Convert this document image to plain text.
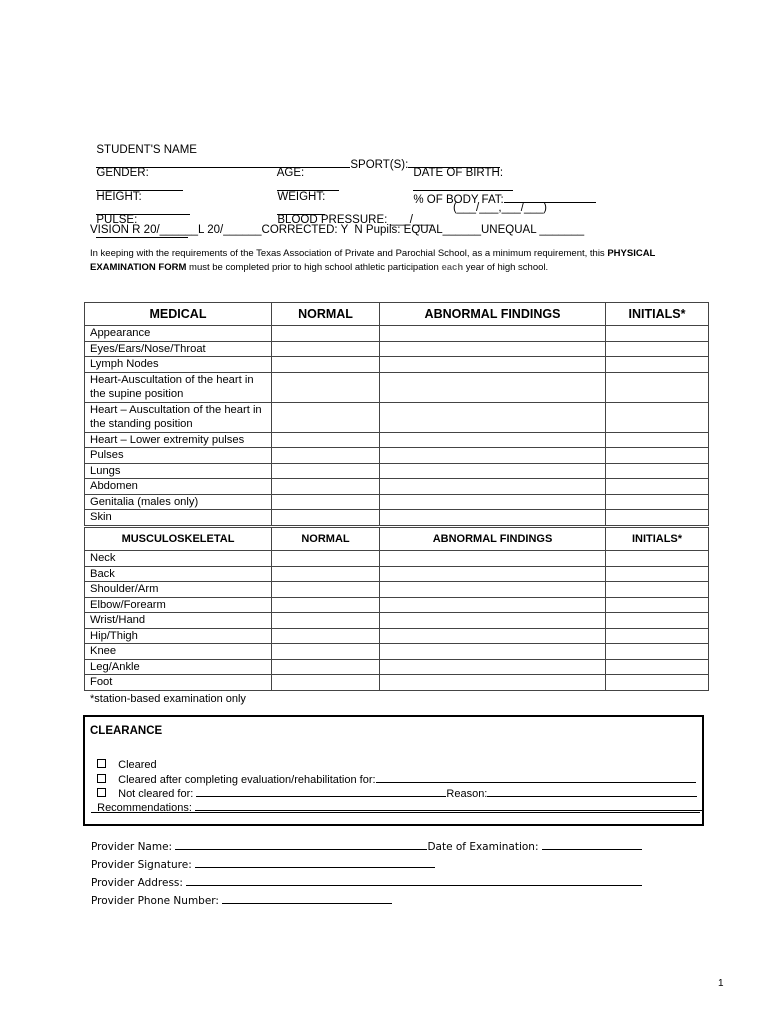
STUDENT'S NAME
SPORT(S):

GENDER:
	AGE:
	DATE OF BIRTH:

HEIGHT:
	WEIGHT:
	% OF BODY FAT:

PULSE:
	BLOOD PRESSURE: ___/___

(___/___,___/___)
VISION R 20/______L 20/______CORRECTED: Y  N Pupils: EQUAL______UNEQUAL _______
In keeping with the requirements of the Texas Association of Private and Parochial School, as a minimum requirement, this PHYSICAL EXAMINATION FORM must be completed prior to high school athletic participation each year of high school.
MEDICAL	NORMAL	ABNORMAL FINDINGS	INITIALS*
Appearance			
Eyes/Ears/Nose/Throat			
Lymph Nodes			
Heart-Auscultation of the heart in the supine position			
Heart – Auscultation of the heart in the standing position			
Heart – Lower extremity pulses			
Pulses			
Lungs			
Abdomen			
Genitalia (males only)			
Skin			
MUSCULOSKELETAL	NORMAL	ABNORMAL FINDINGS	INITIALS*
Neck			
Back			
Shoulder/Arm			
Elbow/Forearm			
Wrist/Hand			
Hip/Thigh			
Knee			
Leg/Ankle			
Foot			
*station-based examination only
CLEARANCE

Cleared

Cleared after completing evaluation/rehabilitation for:

Not cleared for:	Reason:

Recommendations:

Provider Name:	Date of Examination:
Provider Signature:
Provider Address:
Provider Phone Number:
1
